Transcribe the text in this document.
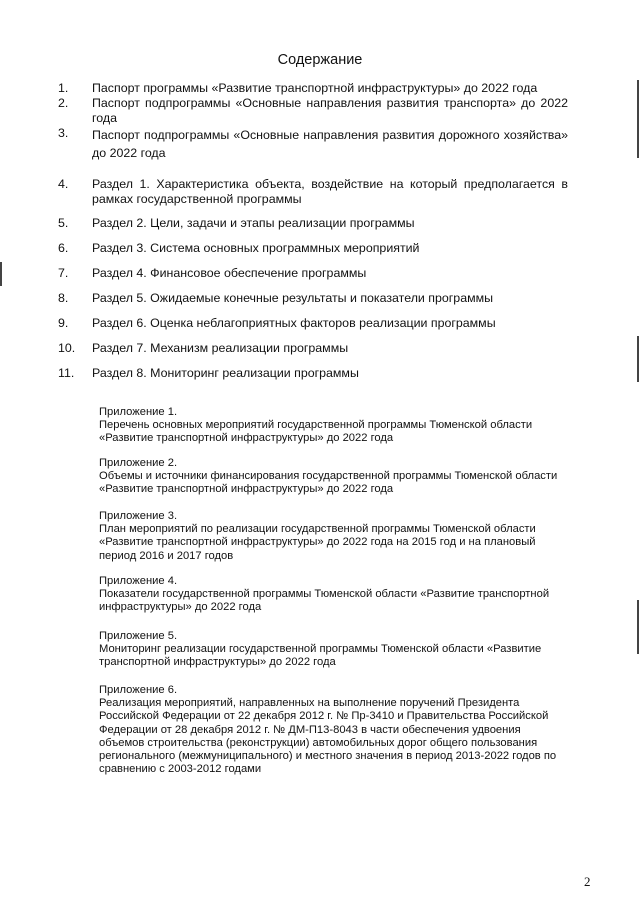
Содержание
1.	Паспорт программы «Развитие транспортной инфраструктуры» до 2022 года
2.	Паспорт подпрограммы «Основные направления развития транспорта» до 2022 года
3.	Паспорт подпрограммы «Основные направления развития дорожного хозяйства» до 2022 года
4.	Раздел 1. Характеристика объекта, воздействие на который предполагается в рамках государственной программы
5.	Раздел 2. Цели, задачи и этапы реализации программы
6.	Раздел 3. Система основных программных мероприятий
7.	Раздел 4. Финансовое обеспечение программы
8.	Раздел 5. Ожидаемые конечные результаты и показатели программы
9.	Раздел 6. Оценка неблагоприятных факторов реализации программы
10.	Раздел 7. Механизм реализации программы
11.	Раздел 8. Мониторинг реализации программы
Приложение 1.
Перечень основных мероприятий государственной программы Тюменской области «Развитие транспортной инфраструктуры» до 2022 года
Приложение 2.
Объемы и источники финансирования государственной программы Тюменской области «Развитие транспортной инфраструктуры» до 2022 года
Приложение 3.
План мероприятий по реализации государственной программы Тюменской области «Развитие транспортной инфраструктуры» до 2022 года на 2015 год и на плановый период 2016 и 2017 годов
Приложение 4.
Показатели государственной программы Тюменской области «Развитие транспортной инфраструктуры» до 2022 года
Приложение 5.
Мониторинг реализации государственной программы Тюменской области «Развитие транспортной инфраструктуры» до 2022 года
Приложение 6.
Реализация мероприятий, направленных на выполнение поручений Президента Российской Федерации от 22 декабря 2012 г. № Пр-3410 и Правительства Российской Федерации от 28 декабря 2012 г. № ДМ-П13-8043 в части обеспечения удвоения объемов строительства (реконструкции) автомобильных дорог общего пользования регионального (межмуниципального) и местного значения в период 2013-2022 годов по сравнению с 2003-2012 годами
2
